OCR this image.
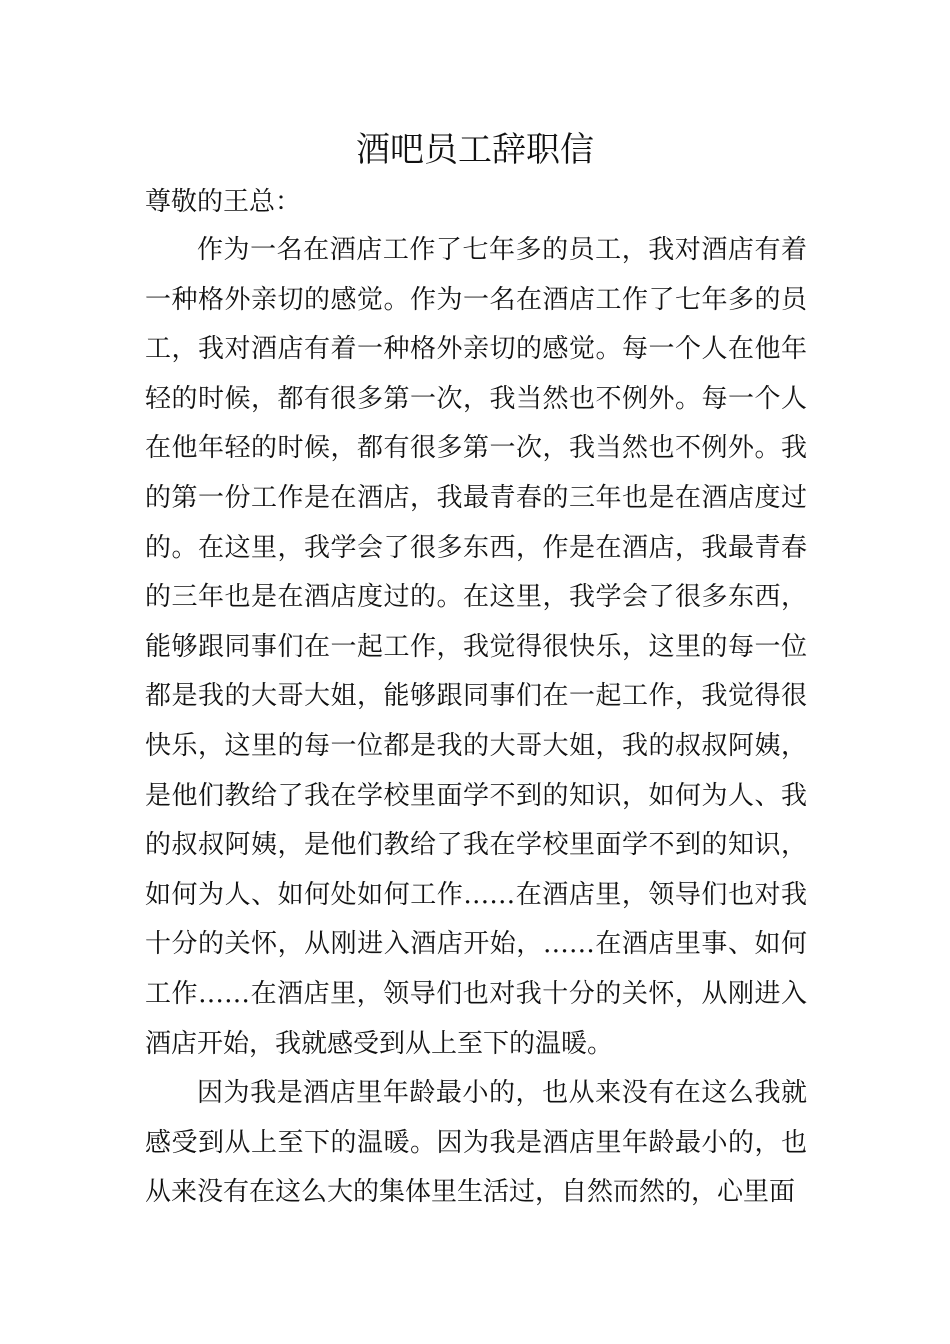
酒吧员工辞职信

尊敬的王总：

作为一名在酒店工作了七年多的员工，我对酒店有着一种格外亲切的感觉。作为一名在酒店工作了七年多的员工，我对酒店有着一种格外亲切的感觉。每一个人在他年轻的时候，都有很多第一次，我当然也不例外。每一个人在他年轻的时候，都有很多第一次，我当然也不例外。我的第一份工作是在酒店，我最青春的三年也是在酒店度过的。在这里，我学会了很多东西，作是在酒店，我最青春的三年也是在酒店度过的。在这里，我学会了很多东西，能够跟同事们在一起工作，我觉得很快乐，这里的每一位都是我的大哥大姐，能够跟同事们在一起工作，我觉得很快乐，这里的每一位都是我的大哥大姐，我的叔叔阿姨，是他们教给了我在学校里面学不到的知识，如何为人、我的叔叔阿姨，是他们教给了我在学校里面学不到的知识，如何为人、如何处如何工作……在酒店里，领导们也对我十分的关怀，从刚进入酒店开始，……在酒店里事、如何工作……在酒店里，领导们也对我十分的关怀，从刚进入酒店开始，我就感受到从上至下的温暖。

因为我是酒店里年龄最小的，也从来没有在这么我就感受到从上至下的温暖。因为我是酒店里年龄最小的，也从来没有在这么大的集体里生活过，自然而然的，心里面
